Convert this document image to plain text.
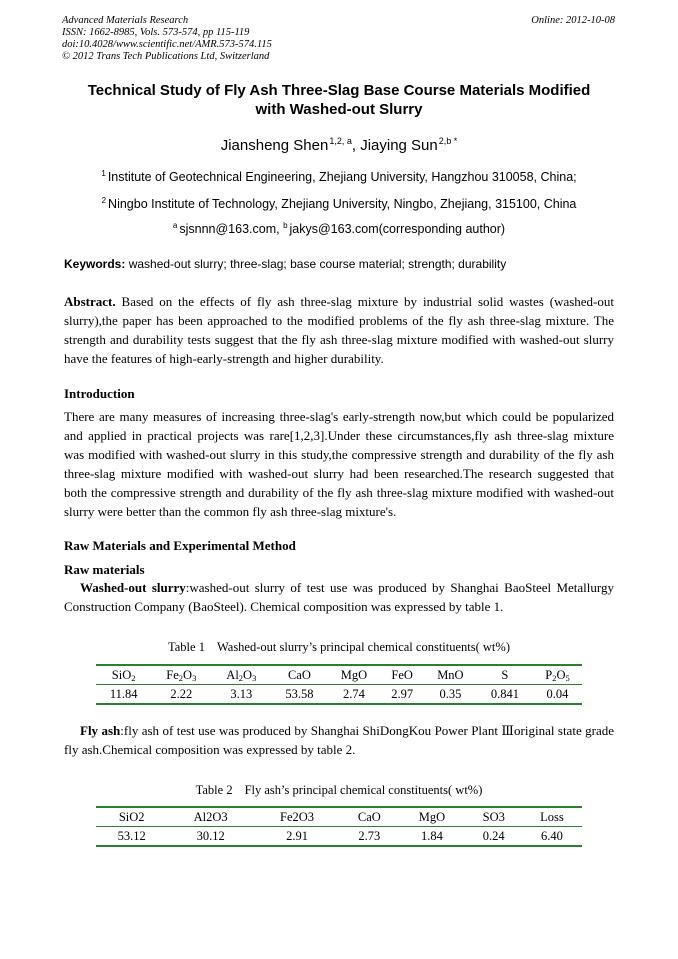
Advanced Materials Research
ISSN: 1662-8985, Vols. 573-574, pp 115-119
doi:10.4028/www.scientific.net/AMR.573-574.115
© 2012 Trans Tech Publications Ltd, Switzerland
Online: 2012-10-08
Technical Study of Fly Ash Three-Slag Base Course Materials Modified
with Washed-out Slurry
Jiansheng Shen$^{1,2, a}$, Jiaying Sun$^{2,b *}$
$^1$ Institute of Geotechnical Engineering, Zhejiang University, Hangzhou 310058, China;
$^2$ Ningbo Institute of Technology, Zhejiang University, Ningbo, Zhejiang, 315100, China
$^a$ sjsnnn@163.com, $^b$ jakys@163.com(corresponding author)
Keywords: washed-out slurry; three-slag; base course material; strength; durability
Abstract. Based on the effects of fly ash three-slag mixture by industrial solid wastes (washed-out slurry),the paper has been approached to the modified problems of the fly ash three-slag mixture. The strength and durability tests suggest that the fly ash three-slag mixture modified with washed-out slurry have the features of high-early-strength and higher durability.
Introduction
There are many measures of increasing three-slag's early-strength now,but which could be popularized and applied in practical projects was rare[1,2,3].Under these circumstances,fly ash three-slag mixture was modified with washed-out slurry in this study,the compressive strength and durability of the fly ash three-slag mixture modified with washed-out slurry had been researched.The research suggested that both the compressive strength and durability of the fly ash three-slag mixture modified with washed-out slurry were better than the common fly ash three-slag mixture's.
Raw Materials and Experimental Method
Raw materials
Washed-out slurry:washed-out slurry of test use was produced by Shanghai BaoSteel Metallurgy Construction Company (BaoSteel). Chemical composition was expressed by table 1.
Table 1 Washed-out slurry’s principal chemical constituents( wt%)
SiO$_2$	$Fe_2O_3$	$Al_2O_3$	CaO	MgO	FeO	MnO	S	$P_2O_5$
11.84	2.22	3.13	53.58	2.74	2.97	0.35	0.841	0.04
Fly ash:fly ash of test use was produced by Shanghai ShiDongKou Power Plant Ⅲoriginal state grade fly ash.Chemical composition was expressed by table 2.
Table 2 Fly ash’s principal chemical constituents( wt%)
SiO2	Al2O3	Fe2O3	CaO	MgO	SO3	Loss
53.12	30.12	2.91	2.73	1.84	0.24	6.40
